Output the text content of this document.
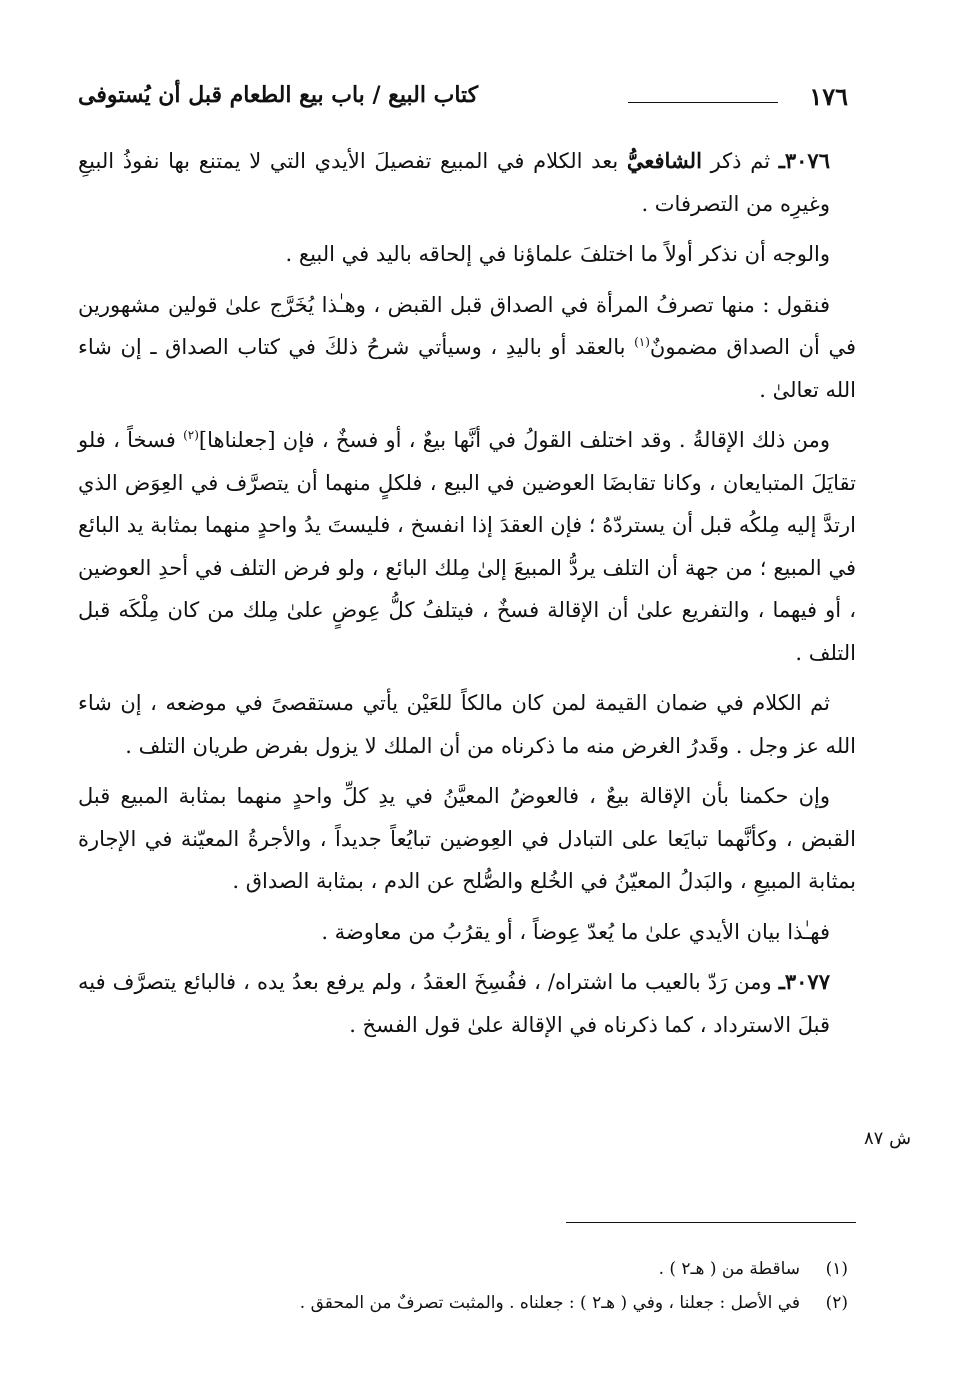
١٧٦
كتاب البيع / باب بيع الطعام قبل أن يُستوفى

٣٠٧٦ـ ثم ذكر الشافعيُّ بعد الكلام في المبيع تفصيلَ الأيدي التي لا يمتنع بها نفوذُ البيعِ وغيرِه من التصرفات .

والوجه أن نذكر أولاً ما اختلفَ علماؤنا في إلحاقه باليد في البيع .

فنقول : منها تصرفُ المرأة في الصداق قبل القبض ، وهـٰذا يُخَرَّج علىٰ قولين مشهورين في أن الصداق مضمونٌ$^{(١)}$ بالعقد أو باليدِ ، وسيأتي شرحُ ذلكَ في كتاب الصداق ـ إن شاء الله تعالىٰ .

ومن ذلك الإقالةُ . وقد اختلف القولُ في أنَّها بيعٌ ، أو فسخٌ ، فإن [جعلناها]$^{(٢)}$ فسخاً ، فلو تقايَلَ المتبايعان ، وكانا تقابضَا العوضين في البيع ، فلكلٍ منهما أن يتصرَّف في العِوَض الذي ارتدَّ إليه مِلكُه قبل أن يستردّهُ ؛ فإن العقدَ إذا انفسخ ، فليستَ يدُ واحدٍ منهما بمثابة يد البائع في المبيع ؛ من جهة أن التلف يردُّ المبيعَ إلىٰ مِلك البائع ، ولو فرض التلف في أحدِ العوضين ، أو فيهما ، والتفريع علىٰ أن الإقالة فسخٌ ، فيتلفُ كلُّ عِوضٍ علىٰ مِلك من كان مِلْكَه قبل التلف .

ثم الكلام في ضمان القيمة لمن كان مالكاً للعَيْن يأتي مستقصىً في موضعه ، إن شاء الله عز وجل . وقَدرُ الغرض منه ما ذكرناه من أن الملك لا يزول بفرض طريان التلف .

وإن حكمنا بأن الإقالة بيعٌ ، فالعوضُ المعيَّنُ في يدِ كلِّ واحدٍ منهما بمثابة المبيع قبل القبض ، وكأنَّهما تبايَعا على التبادل في العِوضين تبايُعاً جديداً ، والأجرةُ المعيّنة في الإجارة بمثابة المبيعِ ، والبَدلُ المعيّنُ في الخُلع والصُّلح عن الدم ، بمثابة الصداق .

فهـٰذا بيان الأيدي علىٰ ما يُعدّ عِوضاً ، أو يقرُبُ من معاوضة .

٣٠٧٧ـ ومن رَدّ بالعيب ما اشتراه/ ، ففُسِخَ العقدُ ، ولم يرفع بعدُ يده ، فالبائع يتصرَّف فيه قبلَ الاسترداد ، كما ذكرناه في الإقالة علىٰ قول الفسخ .

ش ٨٧

(١)ساقطة من ( هـ٢ ) .

(٢)في الأصل : جعلنا ، وفي ( هـ٢ ) : جعلناه . والمثبت تصرفٌ من المحقق .
